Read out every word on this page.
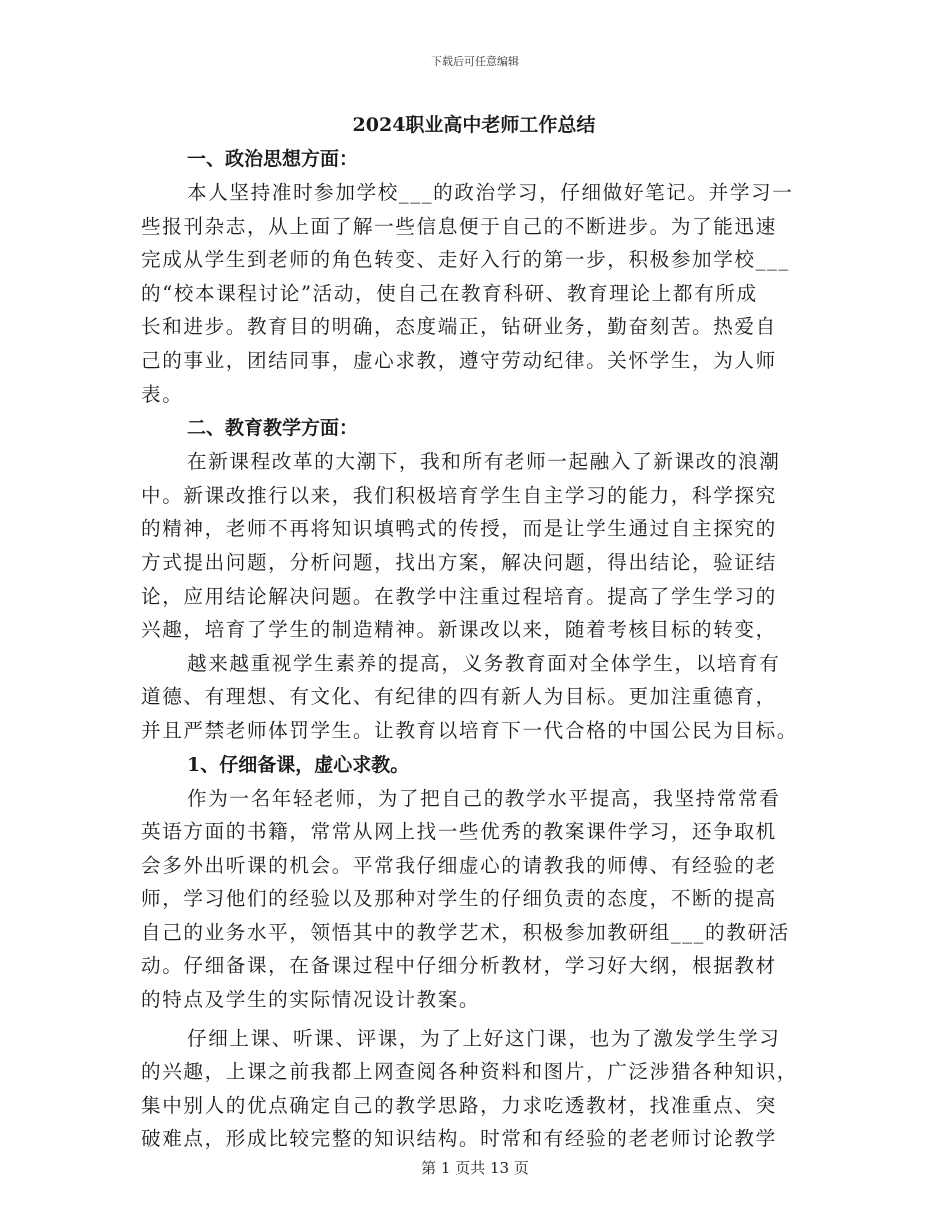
下载后可任意编辑
2024职业高中老师工作总结
一、政治思想方面：

本人坚持准时参加学校___的政治学习，仔细做好笔记。并学习一
些报刊杂志，从上面了解一些信息便于自己的不断进步。为了能迅速
完成从学生到老师的角色转变、走好入行的第一步，积极参加学校___
的“校本课程讨论”活动，使自己在教育科研、教育理论上都有所成
长和进步。教育目的明确，态度端正，钻研业务，勤奋刻苦。热爱自
己的事业，团结同事，虚心求教，遵守劳动纪律。关怀学生，为人师
表。

二、教育教学方面：

在新课程改革的大潮下，我和所有老师一起融入了新课改的浪潮
中。新课改推行以来，我们积极培育学生自主学习的能力，科学探究
的精神，老师不再将知识填鸭式的传授，而是让学生通过自主探究的
方式提出问题，分析问题，找出方案，解决问题，得出结论，验证结
论，应用结论解决问题。在教学中注重过程培育。提高了学生学习的
兴趣，培育了学生的制造精神。新课改以来，随着考核目标的转变，

越来越重视学生素养的提高，义务教育面对全体学生，以培育有
道德、有理想、有文化、有纪律的四有新人为目标。更加注重德育，
并且严禁老师体罚学生。让教育以培育下一代合格的中国公民为目标。

1、仔细备课，虚心求教。

作为一名年轻老师，为了把自己的教学水平提高，我坚持常常看
英语方面的书籍，常常从网上找一些优秀的教案课件学习，还争取机
会多外出听课的机会。平常我仔细虚心的请教我的师傅、有经验的老
师，学习他们的经验以及那种对学生的仔细负责的态度，不断的提高
自己的业务水平，领悟其中的教学艺术，积极参加教研组___的教研活
动。仔细备课，在备课过程中仔细分析教材，学习好大纲，根据教材
的特点及学生的实际情况设计教案。

仔细上课、听课、评课，为了上好这门课，也为了激发学生学习
的兴趣，上课之前我都上网查阅各种资料和图片，广泛涉猎各种知识，
集中别人的优点确定自己的教学思路，力求吃透教材，找准重点、突
破难点，形成比较完整的知识结构。时常和有经验的老老师讨论教学

第 1 页共 13 页
